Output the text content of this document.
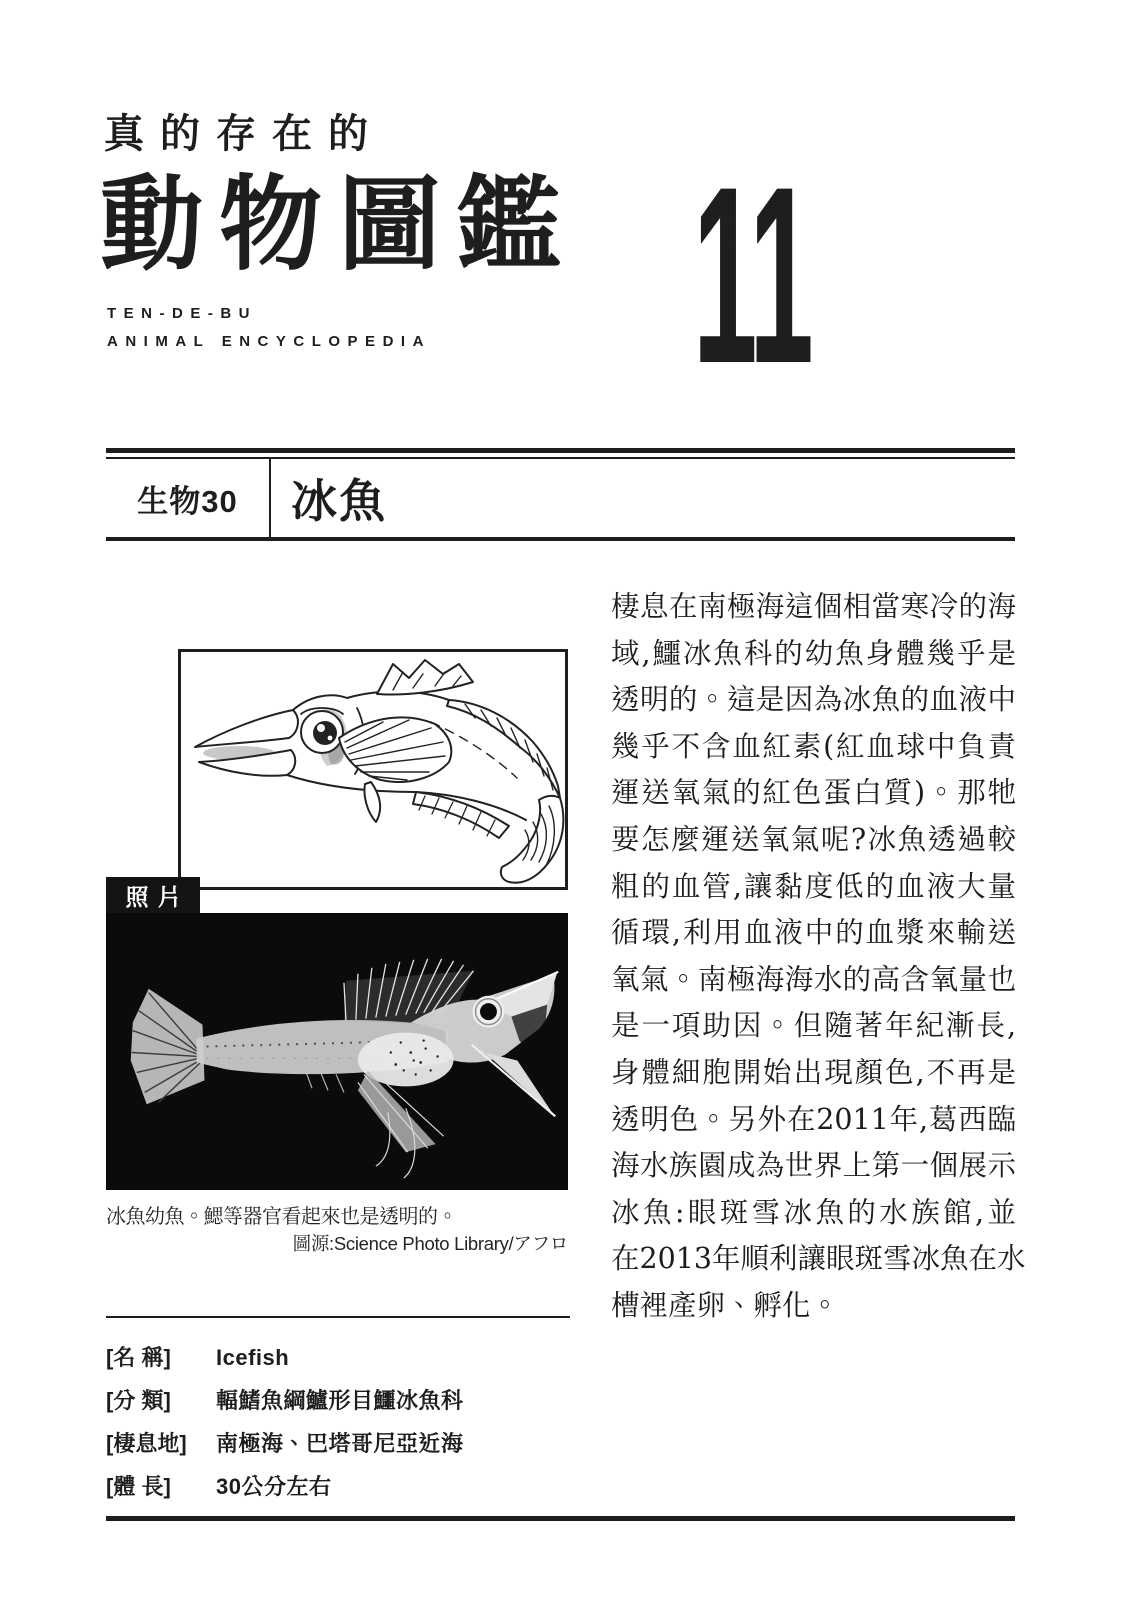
真的存在的
動物圖鑑
TEN-DE-BU
ANIMAL ENCYCLOPEDIA 11
生物30	冰魚
照片
冰魚幼魚。鰓等器官看起來也是透明的。
圖源:Science Photo Library/アフロ
棲息在南極海這個相當寒冷的海
域,鱷冰魚科的幼魚身體幾乎是
透明的。這是因為冰魚的血液中
幾乎不含血紅素(紅血球中負責
運送氧氣的紅色蛋白質)。那牠
要怎麼運送氧氣呢?冰魚透過較
粗的血管,讓黏度低的血液大量
循環,利用血液中的血漿來輸送
氧氣。南極海海水的高含氧量也
是一項助因。但隨著年紀漸長,
身體細胞開始出現顏色,不再是
透明色。另外在2011年,葛西臨
海水族園成為世界上第一個展示
冰魚:眼斑雪冰魚的水族館,並
在2013年順利讓眼斑雪冰魚在水
槽裡產卵、孵化。
[名 稱]	Icefish
[分 類]	輻鰭魚綱鱸形目鱷冰魚科
[棲息地]	南極海、巴塔哥尼亞近海
[體 長]	30公分左右
